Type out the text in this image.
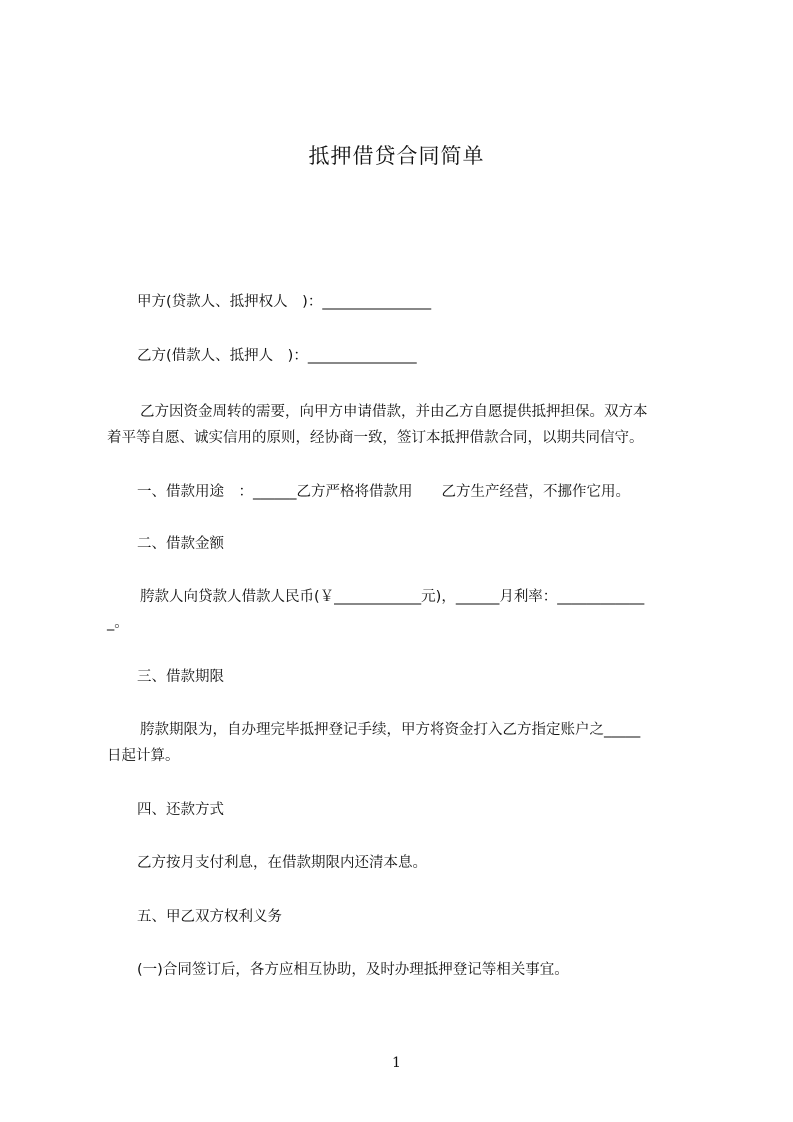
抵押借贷合同简单
甲方(贷款人、抵押权人　)：_______________
乙方(借款人、抵押人　)：_______________
乙方因资金周转的需要，向甲方申请借款，并由乙方自愿提供抵押担保。双方本
着平等自愿、诚实信用的原则，经协商一致，签订本抵押借款合同，以期共同信守。
一、借款用途　：______乙方严格将借款用　　乙方生产经营，不挪作它用。
二、借款金额
胯款人向贷款人借款人民币(￥____________元)，______月利率：____________
_。
三、借款期限
胯款期限为，自办理完毕抵押登记手续，甲方将资金打入乙方指定账户之_____
日起计算。
四、还款方式
乙方按月支付利息，在借款期限内还清本息。
五、甲乙双方权利义务
(一)合同签订后，各方应相互协助，及时办理抵押登记等相关事宜。
1
